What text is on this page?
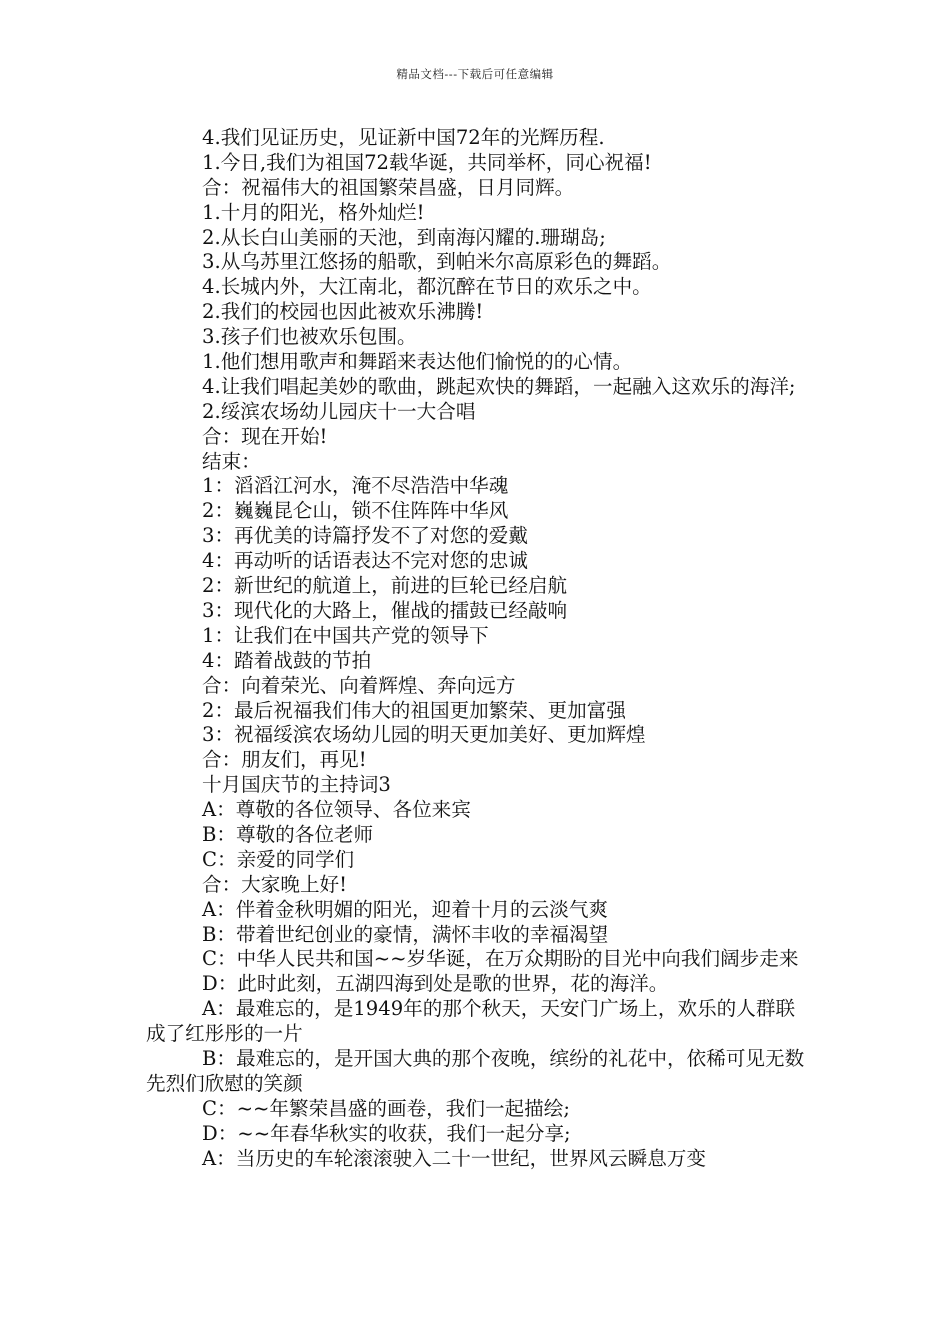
精品文档---下载后可任意编辑
4.我们见证历史，见证新中国72年的光辉历程.
1.今日,我们为祖国72载华诞，共同举杯，同心祝福!
合：祝福伟大的祖国繁荣昌盛，日月同辉。
1.十月的阳光，格外灿烂!
2.从长白山美丽的天池，到南海闪耀的.珊瑚岛;
3.从乌苏里江悠扬的船歌，到帕米尔高原彩色的舞蹈。
4.长城内外，大江南北，都沉醉在节日的欢乐之中。
2.我们的校园也因此被欢乐沸腾!
3.孩子们也被欢乐包围。
1.他们想用歌声和舞蹈来表达他们愉悦的的心情。
4.让我们唱起美妙的歌曲，跳起欢快的舞蹈，一起融入这欢乐的海洋;
2.绥滨农场幼儿园庆十一大合唱
合：现在开始!
结束：
1：滔滔江河水，淹不尽浩浩中华魂
2：巍巍昆仑山，锁不住阵阵中华风
3：再优美的诗篇抒发不了对您的爱戴
4：再动听的话语表达不完对您的忠诚
2：新世纪的航道上，前进的巨轮已经启航
3：现代化的大路上，催战的擂鼓已经敲响
1：让我们在中国共产党的领导下
4：踏着战鼓的节拍
合：向着荣光、向着辉煌、奔向远方
2：最后祝福我们伟大的祖国更加繁荣、更加富强
3：祝福绥滨农场幼儿园的明天更加美好、更加辉煌
合：朋友们，再见!
十月国庆节的主持词3
A：尊敬的各位领导、各位来宾
B：尊敬的各位老师
C：亲爱的同学们
合：大家晚上好!
A：伴着金秋明媚的阳光，迎着十月的云淡气爽
B：带着世纪创业的豪情，满怀丰收的幸福渴望
C：中华人民共和国~~岁华诞，在万众期盼的目光中向我们阔步走来
D：此时此刻，五湖四海到处是歌的世界，花的海洋。
A：最难忘的，是1949年的那个秋天，天安门广场上，欢乐的人群联成了红彤彤的一片
B：最难忘的，是开国大典的那个夜晚，缤纷的礼花中，依稀可见无数先烈们欣慰的笑颜
C：~~年繁荣昌盛的画卷，我们一起描绘;
D：~~年春华秋实的收获，我们一起分享;
A：当历史的车轮滚滚驶入二十一世纪，世界风云瞬息万变
